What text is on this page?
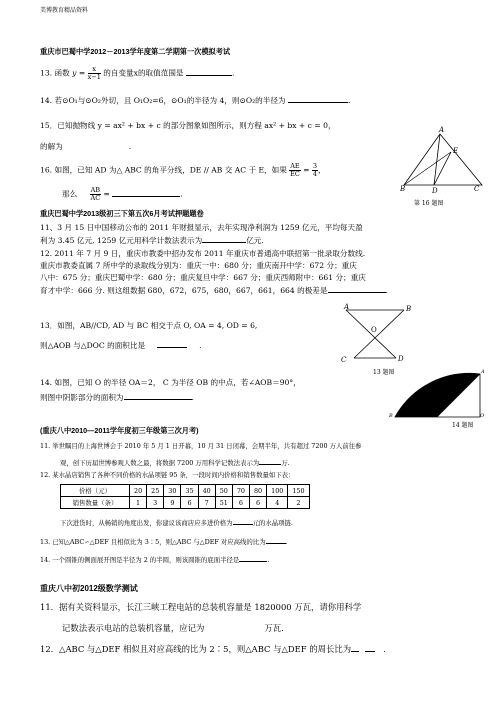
美博教育精品资料
重庆市巴蜀中学2012－2013学年度第二学期第一次模拟考试
13. 函数 $y = \frac{x}{x-1}$ 的自变量x的取值范围是	.
14. 若⊙O₁与⊙O₂外切，且 O₁O₂=6，⊙O₁的半径为 4，则⊙O₂的半径为	.
15．已知抛物线 y = ax² + bx + c 的部分图象如图所示，则方程 ax² + bx + c = 0，
的解为	.
16. 如图，已知 AD 为△ ABC 的角平分线，DE // AB 交 AC 于 E，如果 $\frac{AE}{EC} = \frac{3}{4}$ ，
那么 $\frac{AB}{AC}$ =	.
A
E
B	D	C
第 16 题图
重庆巴蜀中学2013级初三下第五次6月考试押题题卷
11、3 月 15 日中国移动公布的 2011 年财报显示，去年实现净利润为 1259 亿元，平均每天盈
利为 3.45 亿元, 1259 亿元用科学计数法表示为	亿元.
12. 2011 年 7 月 9 日，重庆市教委中招办发布 2011 年重庆市普通高中联招第一批录取分数线.
重庆市教委直属 7 所中学的录取线分别为：重庆一中：680 分；重庆南开中学：672 分；重庆
八中：675 分；重庆巴蜀中学：680 分；重庆复旦中学：667 分；重庆西师附中：661 分；重庆
育才中学：666 分. 则这组数据 680，672，675，680，667，661，664 的极差是	.
13．如图，AB//CD, AD 与 BC 相交于点 O, OA = 4, OD = 6,
则△AOB 与△DOC 的面积比是	.
A	B
O
C	D
13 题图
14. 如图，已知 O 的半径 OA＝2， C 为半径 OB 的中点，若∠AOB＝90°，
则图中阴影部分的面积为	.
A
B
C
O
14 题图
(重庆八中2010—2011学年度初三年级第三次月考)
11. 举世瞩目的上海世博会于 2010 年 5 月 1 日开幕，10 月 31 日闭幕，会期半年，共有超过 7200 万人前往参
观，创下历届世博参观人数之最，将数据 7200 万用科学记数法表示为	万.
12. 某水晶店销售了各种不同价格的水晶项链 95 条，一段时间内价格和销售数量如下表：
价格（元）	20	25	30	35	40	50	70	80	100	150
销售数量（条）	1	3	9	6	7	51	6	6	4	2
下次进货时，从畅销的角度出发，你建议该商店应多进价格为	元的水晶项链.
13. 已知△ABC∽△DEF 且相似比为 3∶5，则△ABC 与△DEF 对应高线的比为	.
14. 一个圆锥的侧面展开图是半径为 2 的半圆，则该圆锥的底面半径是	.
重庆八中初2012级数学测试
11．据有关资料显示，长江三峡工程电站的总装机容量是 1820000 万瓦，请你用科学
记数法表示电站的总装机容量，应记为	万瓦.
12．△ABC 与△DEF 相似且对应高线的比为 2∶5，则△ABC 与△DEF 的周长比为	.
